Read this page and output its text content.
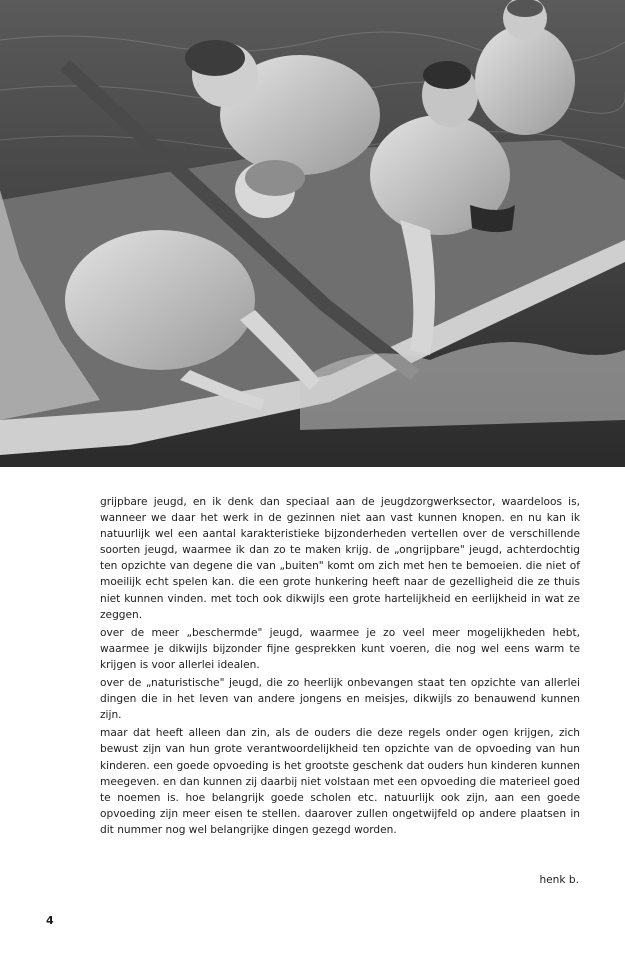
grijpbare jeugd, en ik denk dan speciaal aan de jeugdzorgwerksector, waardeloos is, wanneer we daar het werk in de gezinnen niet aan vast kunnen knopen. en nu kan ik natuurlijk wel een aantal karakteristieke bijzonderheden vertellen over de verschillende soorten jeugd, waarmee ik dan zo te maken krijg. de „ongrijpbare" jeugd, achterdochtig ten opzichte van degene die van „buiten" komt om zich met hen te bemoeien. die niet of moeilijk echt spelen kan. die een grote hunkering heeft naar de gezelligheid die ze thuis niet kunnen vinden. met toch ook dikwijls een grote hartelijkheid en eerlijkheid in wat ze zeggen.

over de meer „beschermde" jeugd, waarmee je zo veel meer mogelijkheden hebt, waarmee je dikwijls bijzonder fijne gesprekken kunt voeren, die nog wel eens warm te krijgen is voor allerlei idealen.

over de „naturistische" jeugd, die zo heerlijk onbevangen staat ten opzichte van allerlei dingen die in het leven van andere jongens en meisjes, dikwijls zo benauwend kunnen zijn.

maar dat heeft alleen dan zin, als de ouders die deze regels onder ogen krijgen, zich bewust zijn van hun grote verantwoordelijkheid ten opzichte van de opvoeding van hun kinderen. een goede opvoeding is het grootste geschenk dat ouders hun kinderen kunnen meegeven. en dan kunnen zij daarbij niet volstaan met een opvoeding die materieel goed te noemen is. hoe belangrijk goede scholen etc. natuurlijk ook zijn, aan een goede opvoeding zijn meer eisen te stellen. daarover zullen ongetwijfeld op andere plaatsen in dit nummer nog wel belangrijke dingen gezegd worden.

henk b.
4
